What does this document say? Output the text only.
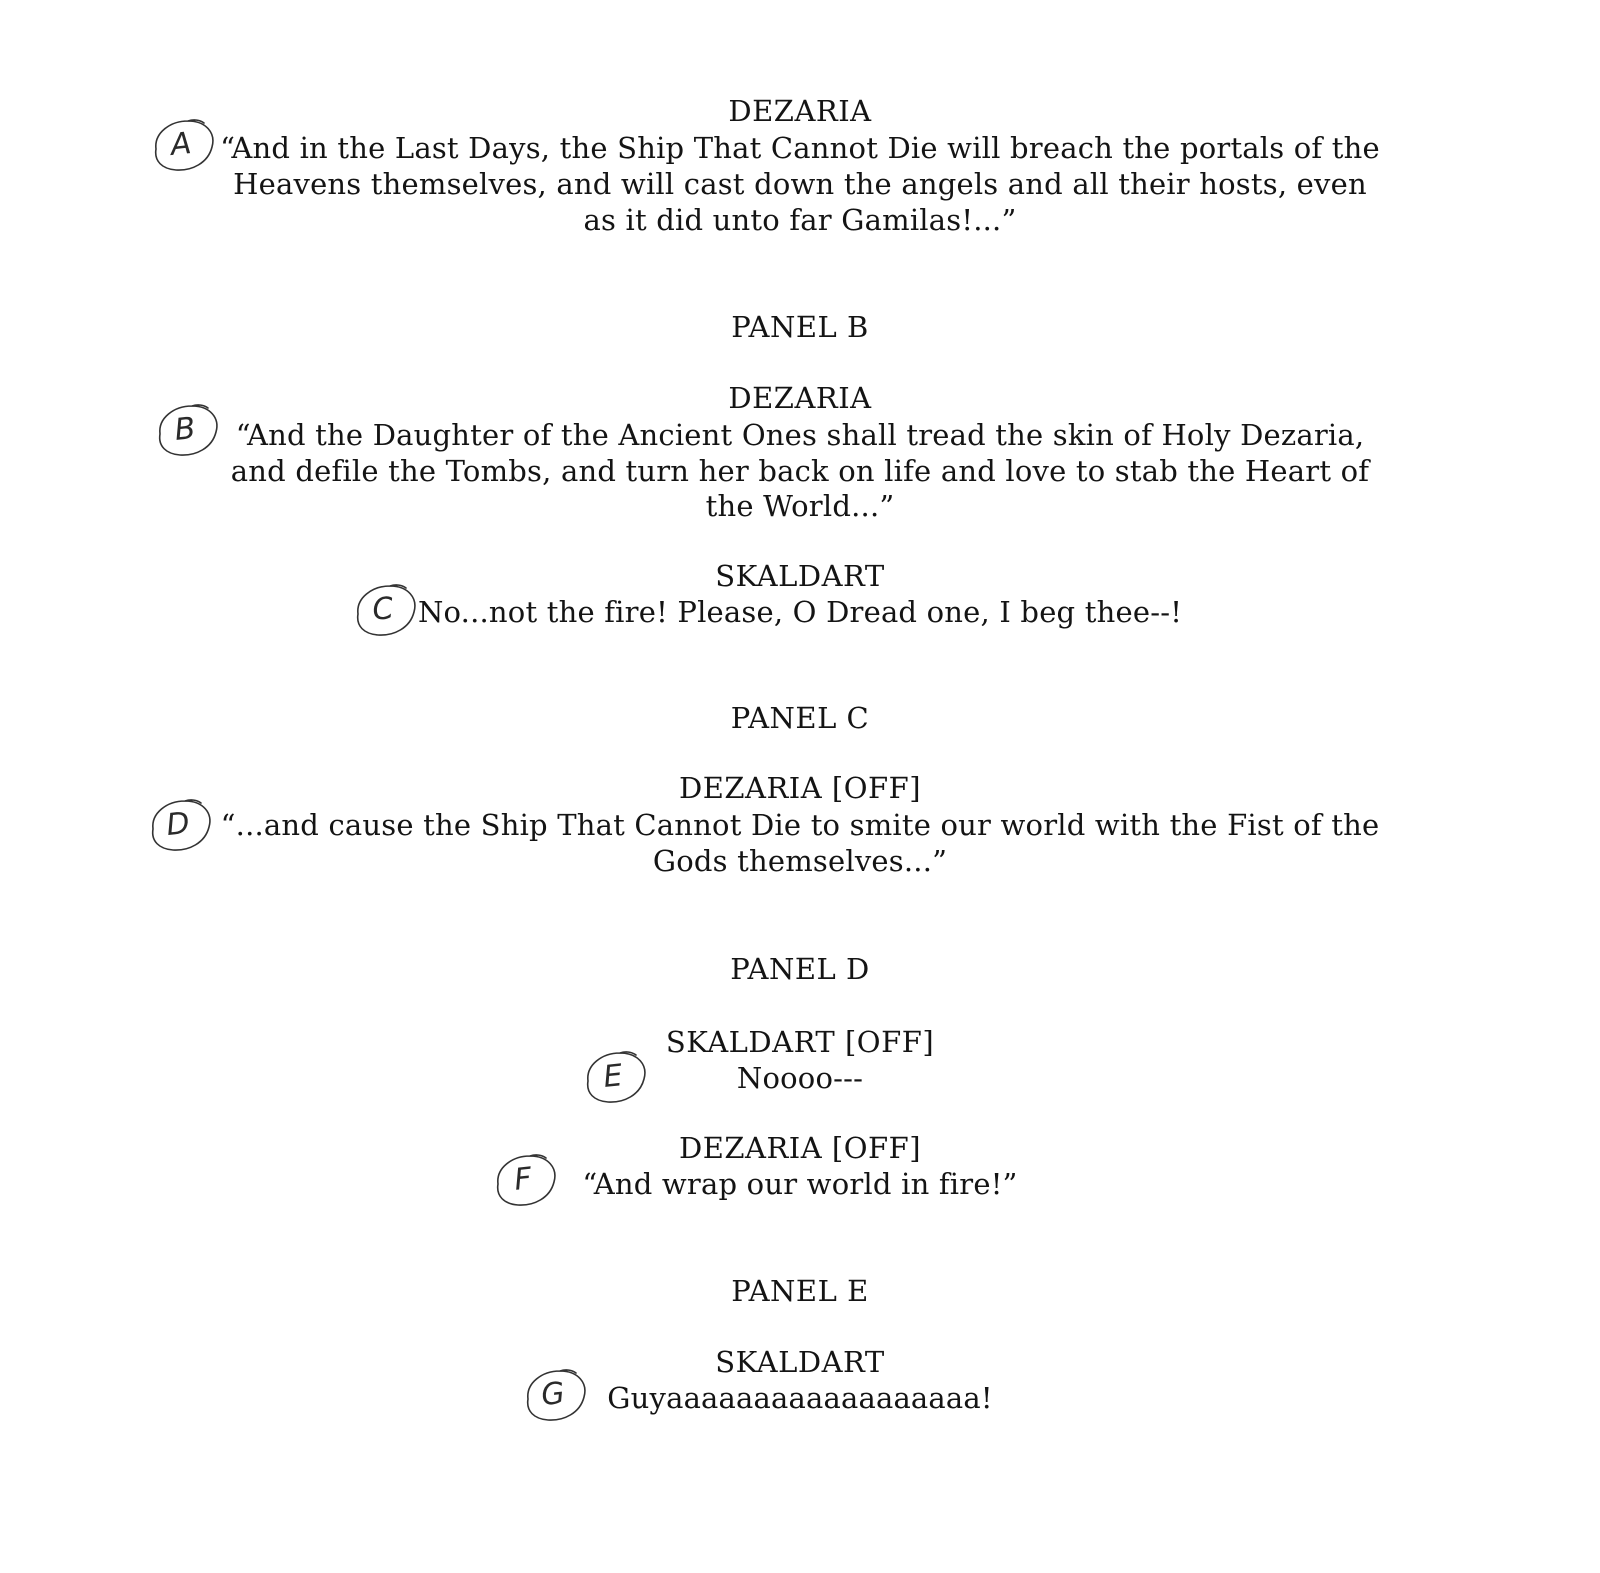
DEZARIA
A “And in the Last Days, the Ship That Cannot Die will breach the portals of the
Heavens themselves, and will cast down the angels and all their hosts, even
as it did unto far Gamilas!...”
PANEL B
DEZARIA
B	“And the Daughter of the Ancient Ones shall tread the skin of Holy Dezaria,
and defile the Tombs, and turn her back on life and love to stab the Heart of
the World...”
SKALDART
C No...not the fire! Please, O Dread one, I beg thee--!
PANEL C
DEZARIA [OFF]
D	“...and cause the Ship That Cannot Die to smite our world with the Fist of the
Gods themselves...”
PANEL D
SKALDART [OFF]
E	Noooo---
DEZARIA [OFF]
F	“And wrap our world in fire!”
PANEL E
SKALDART
G	Guyaaaaaaaaaaaaaaaaaa!
